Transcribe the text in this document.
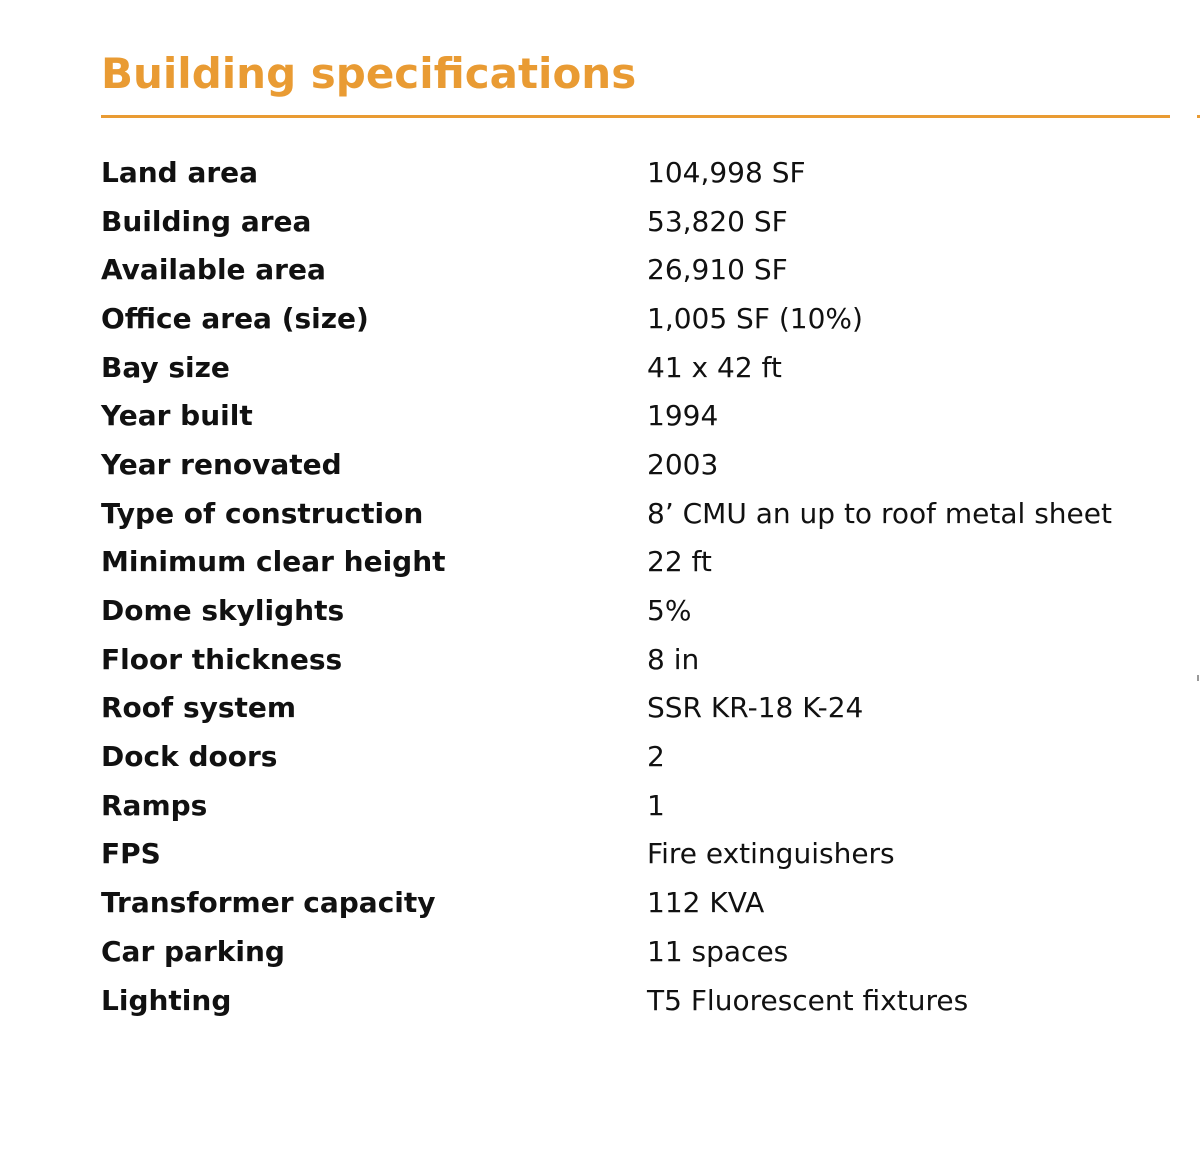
Building specifications
Land area	104,998 SF
Building area	53,820 SF
Available area	26,910 SF
Office area (size)	1,005 SF (10%)
Bay size	41 x 42 ft
Year built	1994
Year renovated	2003
Type of construction	8’ CMU an up to roof metal sheet
Minimum clear height	22 ft
Dome skylights	5%
Floor thickness	8 in
Roof system	SSR KR-18 K-24
Dock doors	2
Ramps	1
FPS	Fire extinguishers
Transformer capacity	112 KVA
Car parking	11 spaces
Lighting	T5 Fluorescent fixtures
